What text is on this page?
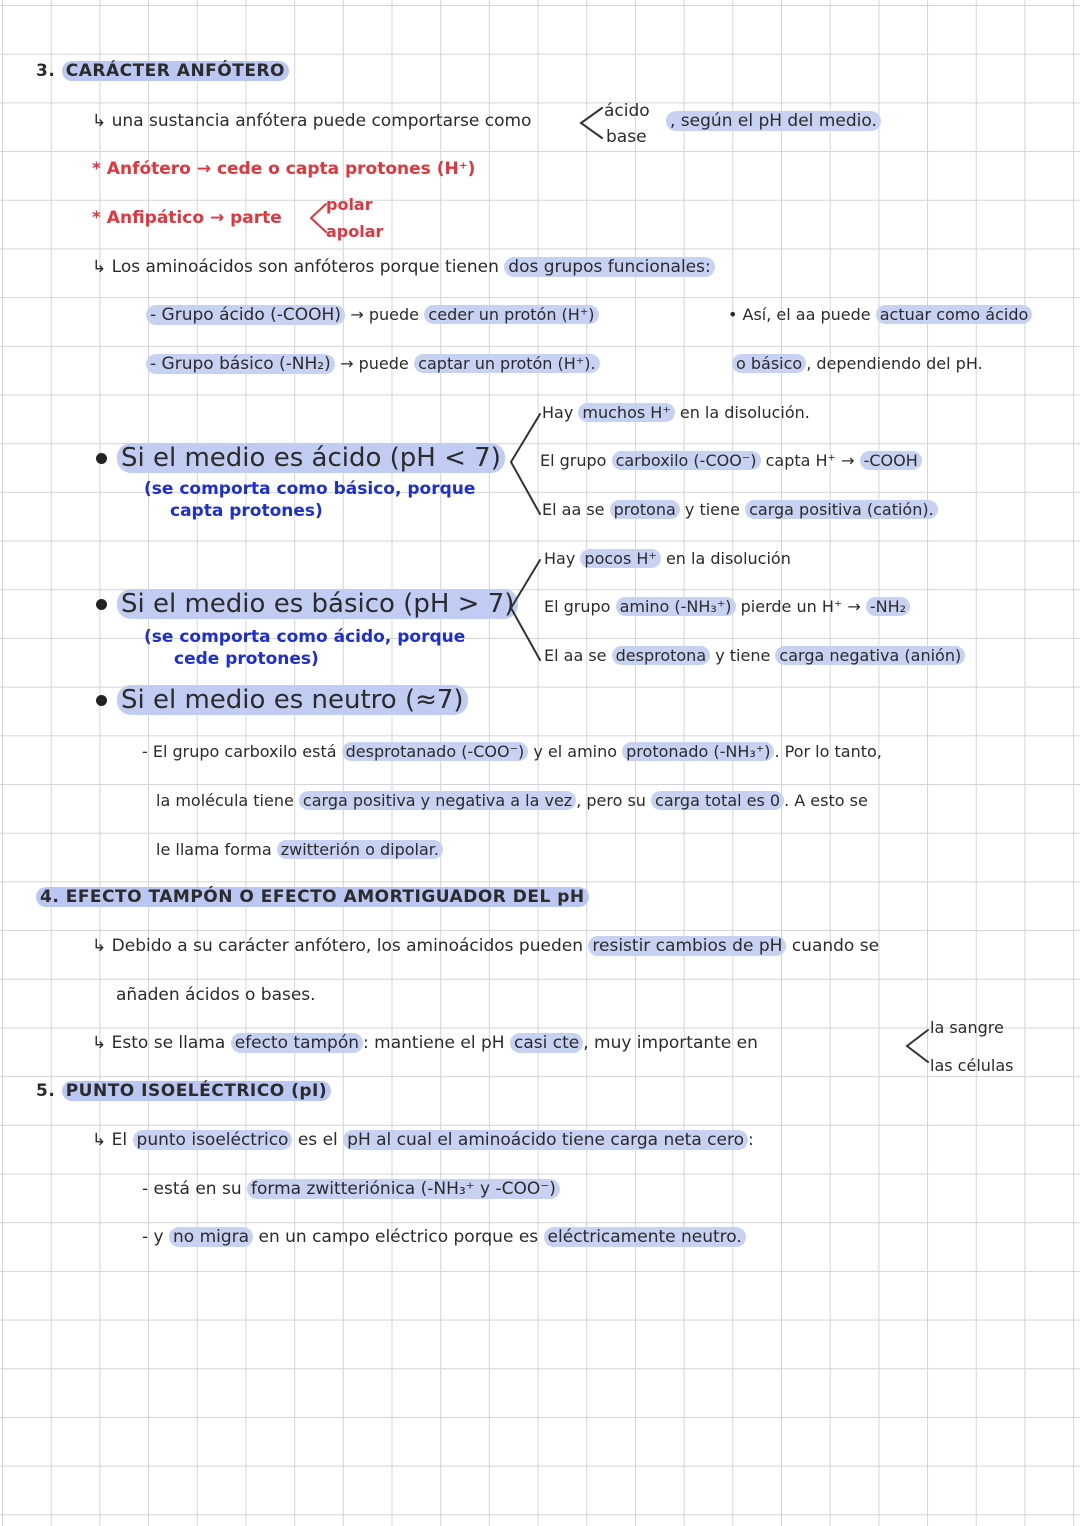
3. CARÁCTER ANFÓTERO
↳ una sustancia anfótera puede comportarse como	ácido
base
, según el pH del medio.
* Anfótero → cede o capta protones (H⁺)
* Anfipático → parte
polar
apolar
↳ Los aminoácidos son anfóteros porque tienen dos grupos funcionales:
- Grupo ácido (-COOH) → puede ceder un protón (H⁺)
- Grupo básico (-NH₂) → puede captar un protón (H⁺).
• Así, el aa puede actuar como ácido
o básico , dependiendo del pH.
Si el medio es ácido (pH < 7)
(se comporta como básico, porque
capta protones)
Hay muchos H⁺ en la disolución.
El grupo carboxilo (-COO⁻) capta H⁺ → -COOH
El aa se protona y tiene carga positiva (catión).
Si el medio es básico (pH > 7)
(se comporta como ácido, porque
cede protones)
Hay pocos H⁺ en la disolución
El grupo amino (-NH₃⁺) pierde un H⁺ → -NH₂
El aa se desprotona y tiene carga negativa (anión)
Si el medio es neutro (≈7)
- El grupo carboxilo está desprotanado (-COO⁻) y el amino protonado (-NH₃⁺) . Por lo tanto,
la molécula tiene carga positiva y negativa a la vez , pero su carga total es 0 . A esto se
le llama forma zwitterión o dipolar.
4. EFECTO TAMPÓN O EFECTO AMORTIGUADOR DEL pH
↳ Debido a su carácter anfótero, los aminoácidos pueden resistir cambios de pH cuando se
añaden ácidos o bases.
↳ Esto se llama efecto tampón : mantiene el pH casi cte , muy importante en
la sangre
las células
5. PUNTO ISOELÉCTRICO (pI)
↳ El punto isoeléctrico es el pH al cual el aminoácido tiene carga neta cero :
- está en su forma zwitteriónica (-NH₃⁺ y -COO⁻)
- y no migra en un campo eléctrico porque es eléctricamente neutro.
